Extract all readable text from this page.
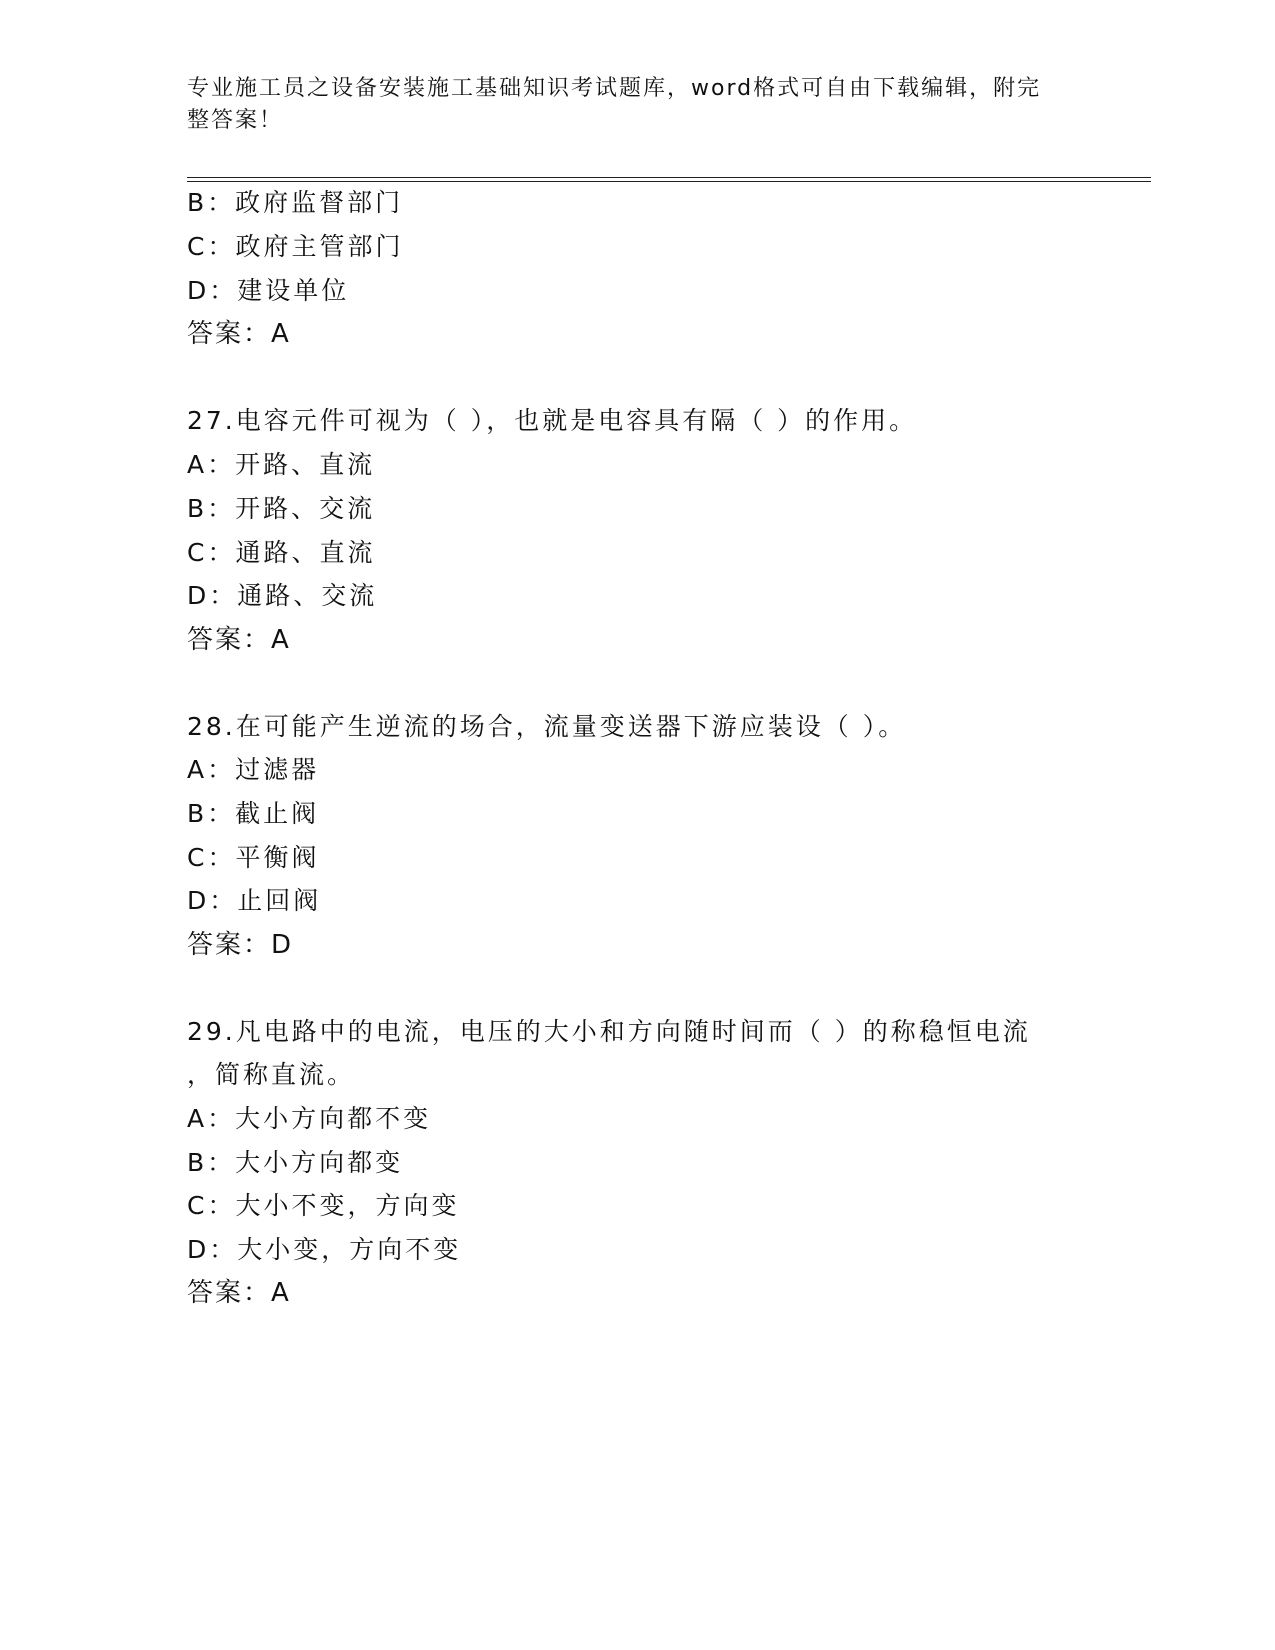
专业施工员之设备安装施工基础知识考试题库，word格式可自由下载编辑，附完
整答案！
B：政府监督部门
C：政府主管部门
D：建设单位
答案：A
27.电容元件可视为（ ），也就是电容具有隔（ ）的作用。
A：开路、直流
B：开路、交流
C：通路、直流
D：通路、交流
答案：A
28.在可能产生逆流的场合，流量变送器下游应装设（ ）。
A：过滤器
B：截止阀
C：平衡阀
D：止回阀
答案：D
29.凡电路中的电流，电压的大小和方向随时间而（ ）的称稳恒电流
，简称直流。
A：大小方向都不变
B：大小方向都变
C：大小不变，方向变
D：大小变，方向不变
答案：A
